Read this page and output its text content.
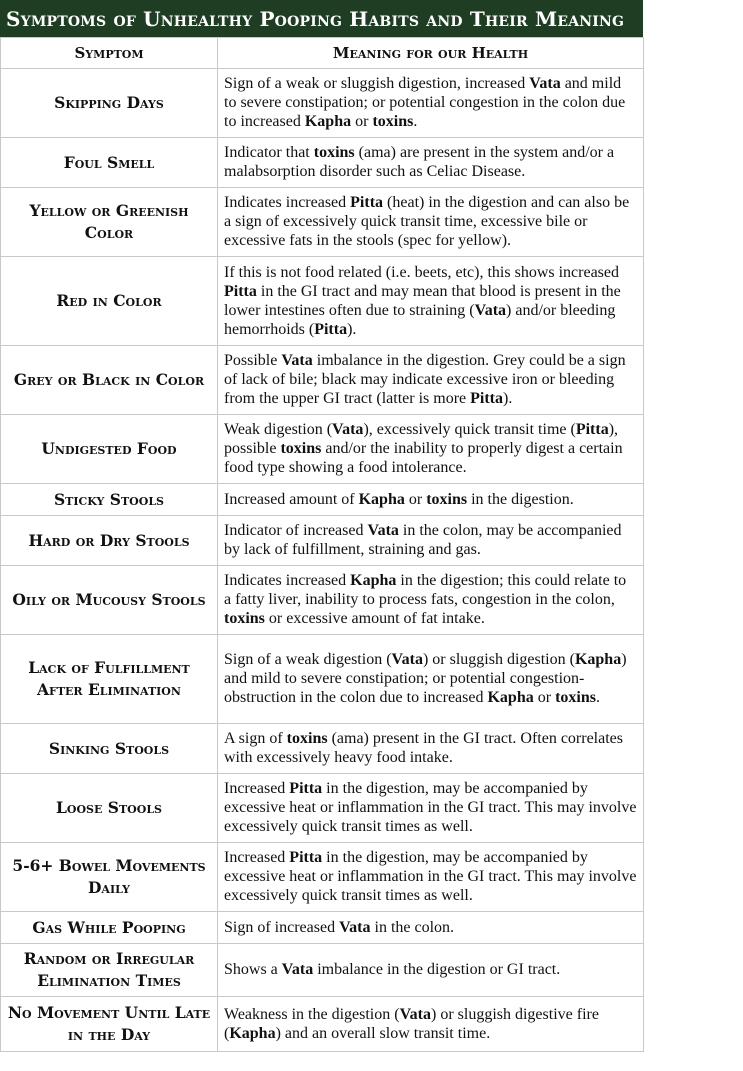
Symptoms of Unhealthy Pooping Habits and Their Meaning
Symptom	Meaning for our Health
Skipping Days	Sign of a weak or sluggish digestion, increased Vata and mild to severe constipation; or potential congestion in the colon due to increased Kapha or toxins.
Foul Smell	Indicator that toxins (ama) are present in the system and/or a malabsorption disorder such as Celiac Disease.
Yellow or Greenish Color	Indicates increased Pitta (heat) in the digestion and can also be a sign of excessively quick transit time, excessive bile or excessive fats in the stools (spec for yellow).
Red in Color	If this is not food related (i.e. beets, etc), this shows increased Pitta in the GI tract and may mean that blood is present in the lower intestines often due to straining (Vata) and/or bleeding hemorrhoids (Pitta).
Grey or Black in Color	Possible Vata imbalance in the digestion. Grey could be a sign of lack of bile; black may indicate excessive iron or bleeding from the upper GI tract (latter is more Pitta).
Undigested Food	Weak digestion (Vata), excessively quick transit time (Pitta), possible toxins and/or the inability to properly digest a certain food type showing a food intolerance.
Sticky Stools	Increased amount of Kapha or toxins in the digestion.
Hard or Dry Stools	Indicator of increased Vata in the colon, may be accompanied by lack of fulfillment, straining and gas.
Oily or Mucousy Stools	Indicates increased Kapha in the digestion; this could relate to a fatty liver, inability to process fats, congestion in the colon, toxins or excessive amount of fat intake.
Lack of Fulfillment After Elimination	Sign of a weak digestion (Vata) or sluggish digestion (Kapha) and mild to severe constipation; or potential congestion-obstruction in the colon due to increased Kapha or toxins.
Sinking Stools	A sign of toxins (ama) present in the GI tract. Often correlates with excessively heavy food intake.
Loose Stools	Increased Pitta in the digestion, may be accompanied by excessive heat or inflammation in the GI tract. This may involve excessively quick transit times as well.
5-6+ Bowel Movements Daily	Increased Pitta in the digestion, may be accompanied by excessive heat or inflammation in the GI tract. This may involve excessively quick transit times as well.
Gas While Pooping	Sign of increased Vata in the colon.
Random or Irregular Elimination Times	Shows a Vata imbalance in the digestion or GI tract.
No Movement Until Late in the Day	Weakness in the digestion (Vata) or sluggish digestive fire (Kapha) and an overall slow transit time.
